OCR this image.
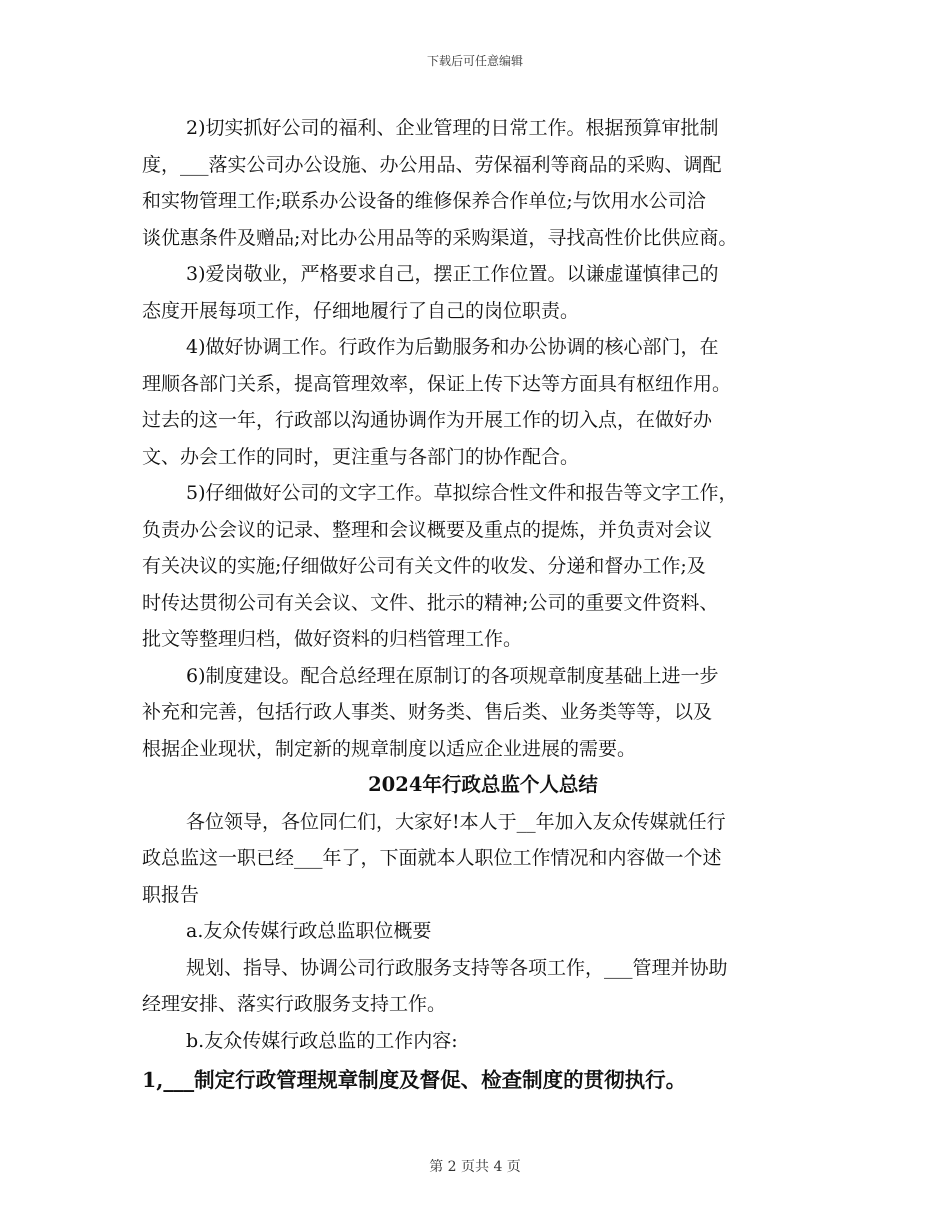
下载后可任意编辑
2)切实抓好公司的福利、企业管理的日常工作。根据预算审批制
度，___落实公司办公设施、办公用品、劳保福利等商品的采购、调配
和实物管理工作;联系办公设备的维修保养合作单位;与饮用水公司洽
谈优惠条件及赠品;对比办公用品等的采购渠道，寻找高性价比供应商。
3)爱岗敬业，严格要求自己，摆正工作位置。以谦虚谨慎律己的
态度开展每项工作，仔细地履行了自己的岗位职责。
4)做好协调工作。行政作为后勤服务和办公协调的核心部门，在
理顺各部门关系，提高管理效率，保证上传下达等方面具有枢纽作用。
过去的这一年，行政部以沟通协调作为开展工作的切入点，在做好办
文、办会工作的同时，更注重与各部门的协作配合。
5)仔细做好公司的文字工作。草拟综合性文件和报告等文字工作，
负责办公会议的记录、整理和会议概要及重点的提炼，并负责对会议
有关决议的实施;仔细做好公司有关文件的收发、分递和督办工作;及
时传达贯彻公司有关会议、文件、批示的精神;公司的重要文件资料、
批文等整理归档，做好资料的归档管理工作。
6)制度建设。配合总经理在原制订的各项规章制度基础上进一步
补充和完善，包括行政人事类、财务类、售后类、业务类等等，以及
根据企业现状，制定新的规章制度以适应企业进展的需要。
2024年行政总监个人总结
各位领导，各位同仁们，大家好!本人于__年加入友众传媒就任行
政总监这一职已经___年了，下面就本人职位工作情况和内容做一个述
职报告
a.友众传媒行政总监职位概要
规划、指导、协调公司行政服务支持等各项工作，___管理并协助
经理安排、落实行政服务支持工作。
b.友众传媒行政总监的工作内容:
1,___制定行政管理规章制度及督促、检查制度的贯彻执行。
第 2 页共 4 页
